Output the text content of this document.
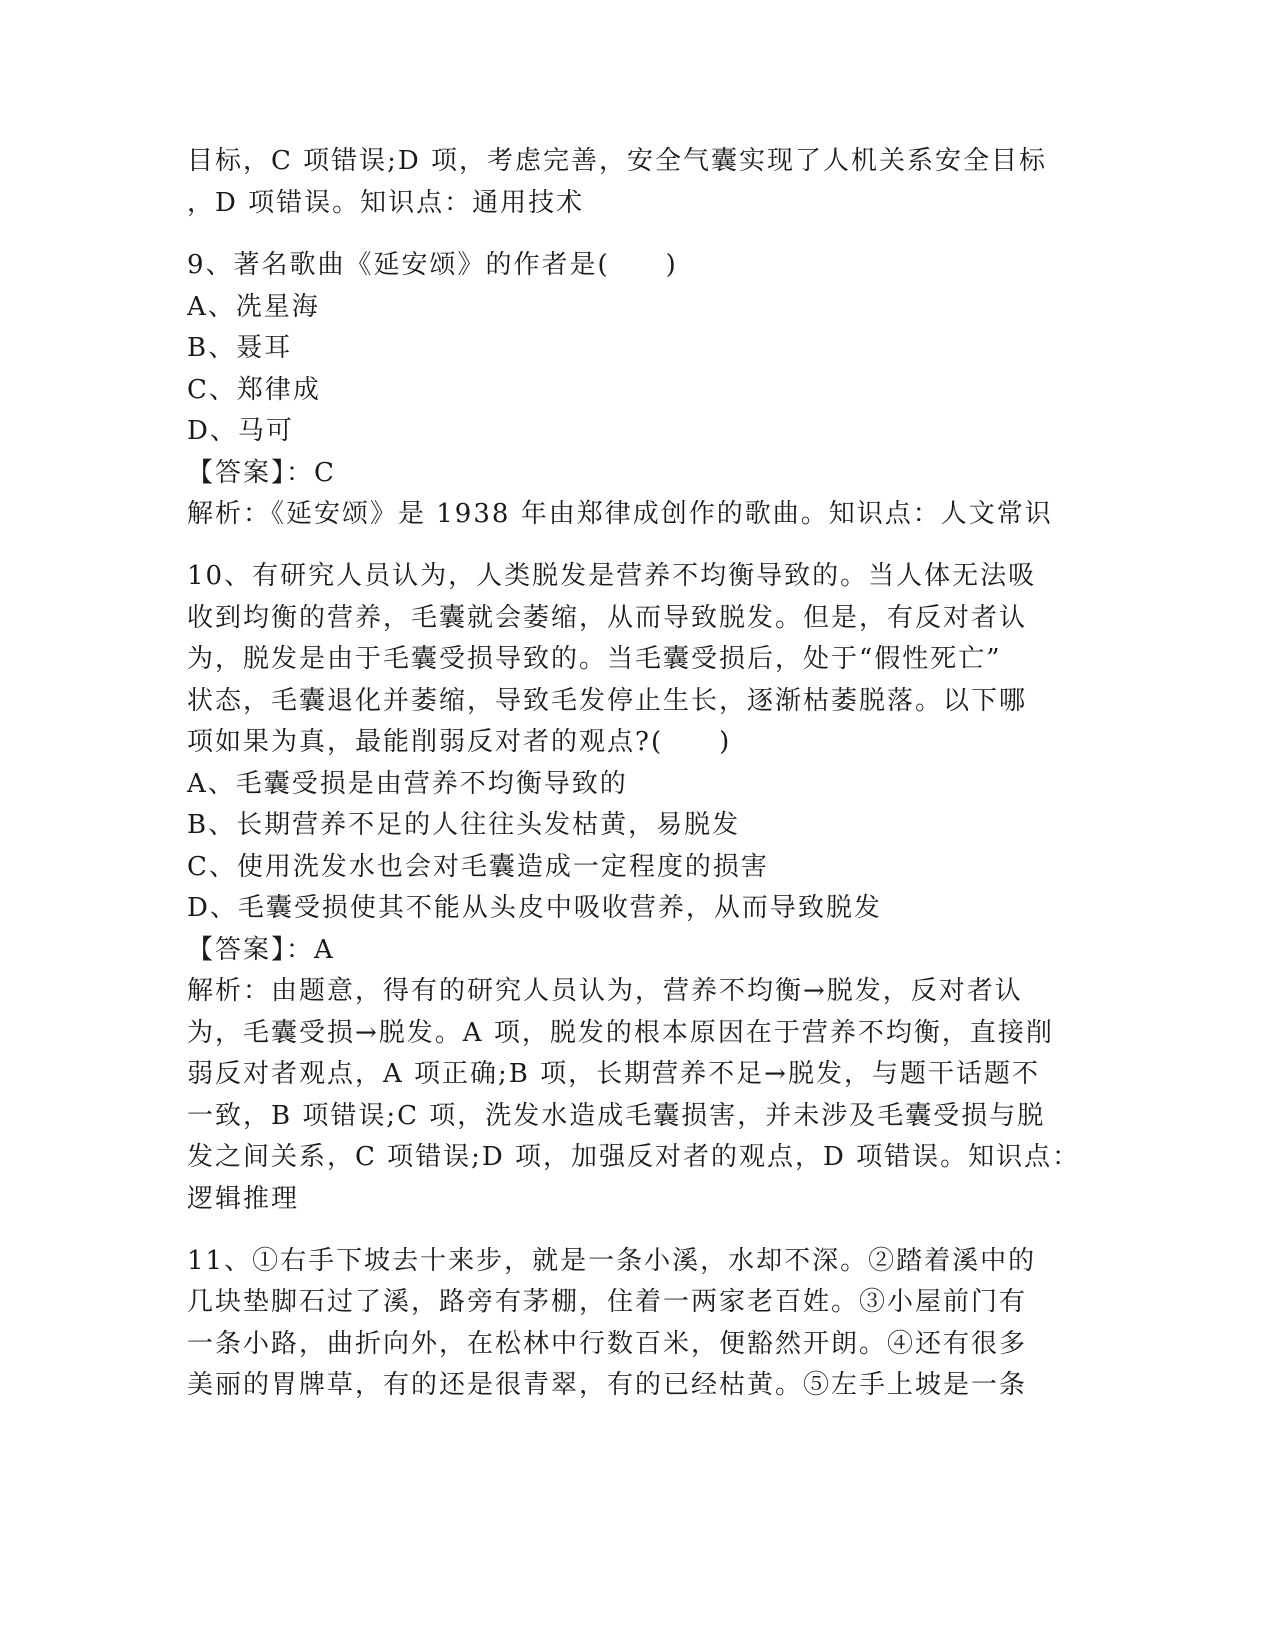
目标，C 项错误;D 项，考虑完善，安全气囊实现了人机关系安全目标
，D 项错误。知识点：通用技术
9、著名歌曲《延安颂》的作者是(　　)
A、冼星海
B、聂耳
C、郑律成
D、马可
【答案】：C
解析：《延安颂》是 1938 年由郑律成创作的歌曲。知识点：人文常识
10、有研究人员认为，人类脱发是营养不均衡导致的。当人体无法吸
收到均衡的营养，毛囊就会萎缩，从而导致脱发。但是，有反对者认
为，脱发是由于毛囊受损导致的。当毛囊受损后，处于“假性死亡”
状态，毛囊退化并萎缩，导致毛发停止生长，逐渐枯萎脱落。以下哪
项如果为真，最能削弱反对者的观点?(　　)
A、毛囊受损是由营养不均衡导致的
B、长期营养不足的人往往头发枯黄，易脱发
C、使用洗发水也会对毛囊造成一定程度的损害
D、毛囊受损使其不能从头皮中吸收营养，从而导致脱发
【答案】：A
解析：由题意，得有的研究人员认为，营养不均衡→脱发，反对者认
为，毛囊受损→脱发。A 项，脱发的根本原因在于营养不均衡，直接削
弱反对者观点，A 项正确;B 项，长期营养不足→脱发，与题干话题不
一致，B 项错误;C 项，洗发水造成毛囊损害，并未涉及毛囊受损与脱
发之间关系，C 项错误;D 项，加强反对者的观点，D 项错误。知识点：
逻辑推理
11、①右手下坡去十来步，就是一条小溪，水却不深。②踏着溪中的
几块垫脚石过了溪，路旁有茅棚，住着一两家老百姓。③小屋前门有
一条小路，曲折向外，在松林中行数百米，便豁然开朗。④还有很多
美丽的胃牌草，有的还是很青翠，有的已经枯黄。⑤左手上坡是一条
